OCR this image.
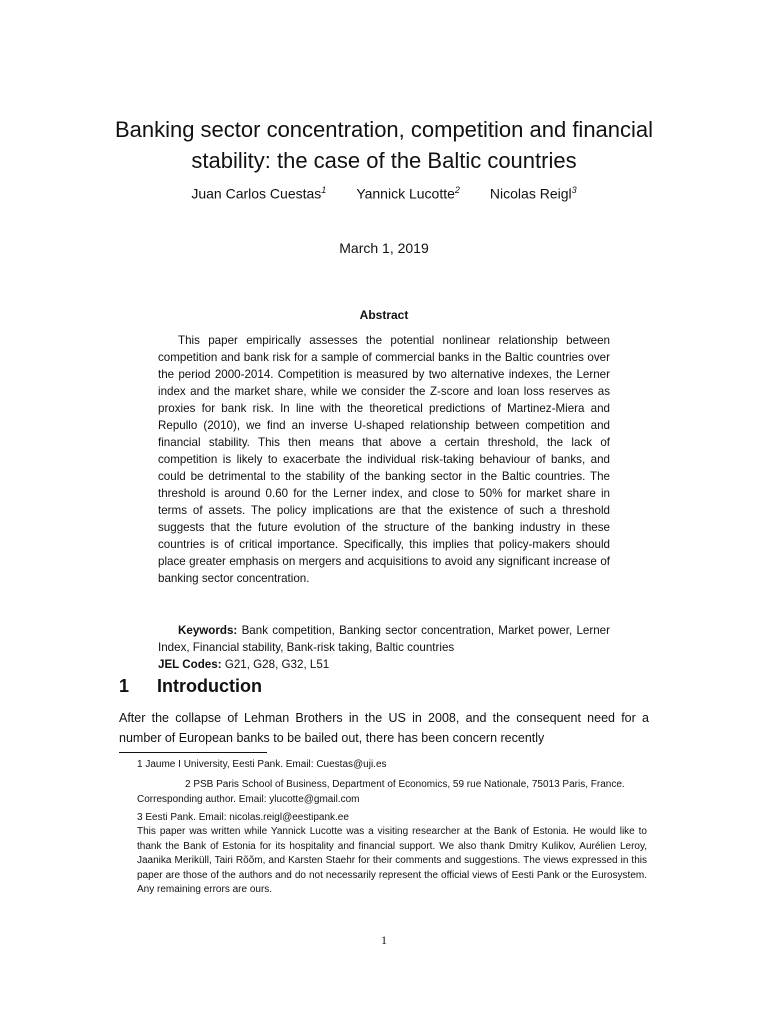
Banking sector concentration, competition and financial stability: the case of the Baltic countries
Juan Carlos Cuestas$^1$ Yannick Lucotte$^2$ Nicolas Reigl$^3$
March 1, 2019
Abstract

This paper empirically assesses the potential nonlinear relationship between competition and bank risk for a sample of commercial banks in the Baltic countries over the period 2000-2014. Competition is measured by two alternative indexes, the Lerner index and the market share, while we consider the Z-score and loan loss reserves as proxies for bank risk. In line with the theoretical predictions of Martinez-Miera and Repullo (2010), we find an inverse U-shaped relationship between competition and financial stability. This then means that above a certain threshold, the lack of competition is likely to exacerbate the individual risk-taking behaviour of banks, and could be detrimental to the stability of the banking sector in the Baltic countries. The threshold is around 0.60 for the Lerner index, and close to 50% for market share in terms of assets. The policy implications are that the existence of such a threshold suggests that the future evolution of the structure of the banking industry in these countries is of critical importance. Specifically, this implies that policy-makers should place greater emphasis on mergers and acquisitions to avoid any significant increase of banking sector concentration.

Keywords: Bank competition, Banking sector concentration, Market power, Lerner Index, Financial stability, Bank-risk taking, Baltic countries

JEL Codes: G21, G28, G32, L51

1 Introduction

After the collapse of Lehman Brothers in the US in 2008, and the consequent need for a number of European banks to be bailed out, there has been concern recently

1 Jaume I University, Eesti Pank. Email: Cuestas@uji.es

2 PSB Paris School of Business, Department of Economics, 59 rue Nationale, 75013 Paris, France. Corresponding author. Email: ylucotte@gmail.com

3 Eesti Pank. Email: nicolas.reigl@eestipank.ee

This paper was written while Yannick Lucotte was a visiting researcher at the Bank of Estonia. He would like to thank the Bank of Estonia for its hospitality and financial support. We also thank Dmitry Kulikov, Aurélien Leroy, Jaanika Meriküll, Tairi Rõõm, and Karsten Staehr for their comments and suggestions. The views expressed in this paper are those of the authors and do not necessarily represent the official views of Eesti Pank or the Eurosystem. Any remaining errors are ours.

1
